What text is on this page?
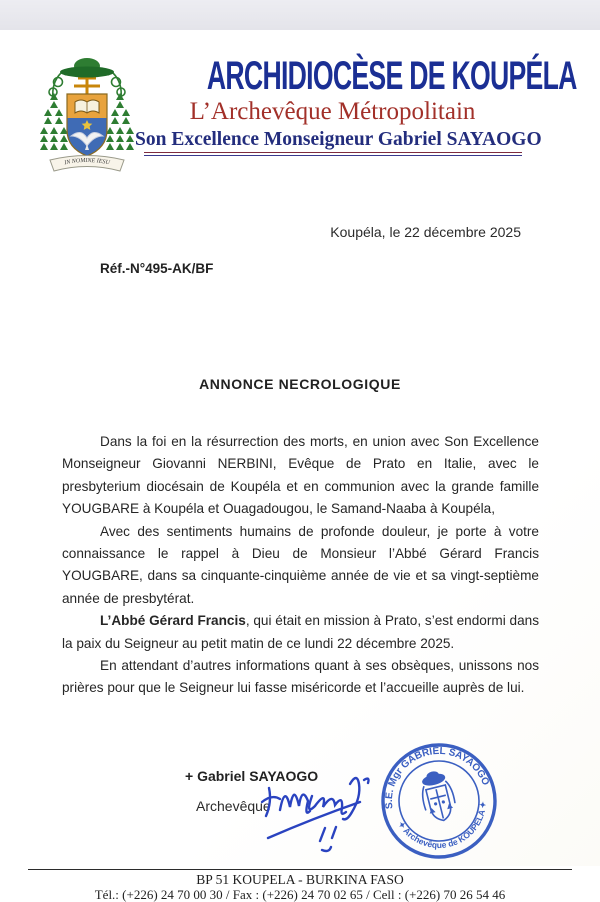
IN NOMINE IESU
ARCHIDIOCÈSE DE KOUPÉLA
L’Archevêque Métropolitain
Son Excellence Monseigneur Gabriel SAYAOGO
Koupéla, le 22 décembre 2025
Réf.-N°495-AK/BF
ANNONCE NECROLOGIQUE

Dans la foi en la résurrection des morts, en union avec Son Excellence Monseigneur Giovanni NERBINI, Evêque de Prato en Italie, avec le presbyterium diocésain de Koupéla et en communion avec la grande famille YOUGBARE à Koupéla et Ouagadougou, le Samand-Naaba à Koupéla,

Avec des sentiments humains de profonde douleur, je porte à votre connaissance le rappel à Dieu de Monsieur l’Abbé Gérard Francis YOUGBARE, dans sa cinquante-cinquième année de vie et sa vingt-septième année de presbytérat.

L’Abbé Gérard Francis, qui était en mission à Prato, s’est endormi dans la paix du Seigneur au petit matin de ce lundi 22 décembre 2025.

En attendant d’autres informations quant à ses obsèques, unissons nos prières pour que le Seigneur lui fasse miséricorde et l’accueille auprès de lui.

+ Gabriel SAYAOGO
Archevêque	S.E. Mgr GABRIEL SAYAOGO
✦ Archevêque de KOUPELA ✦
BP 51 KOUPELA - BURKINA FASO
Tél.: (+226) 24 70 00 30 / Fax : (+226) 24 70 02 65 / Cell : (+226) 70 26 54 46
